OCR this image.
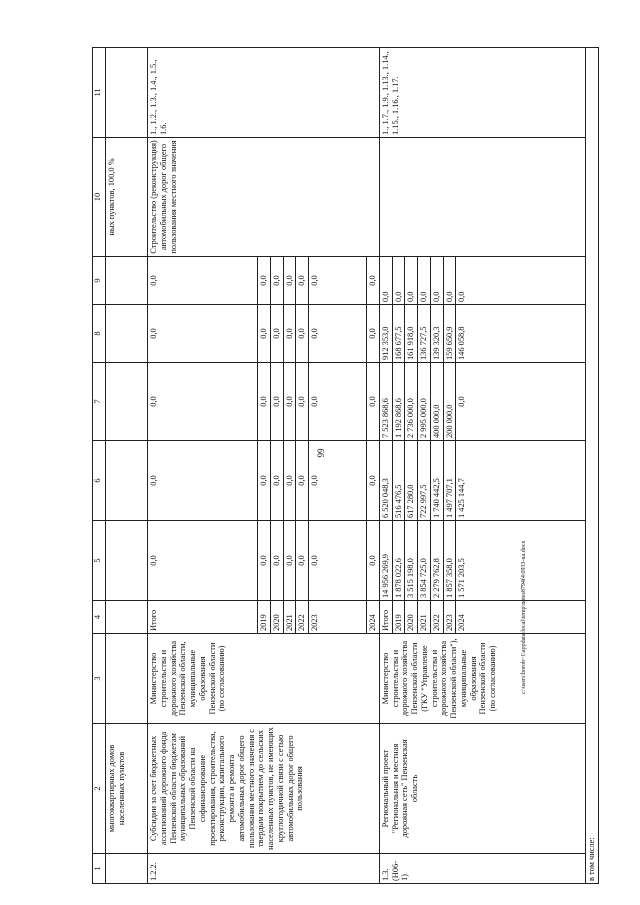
99
c:\users\borob~1\appdata\local\temp\notes8794f4\0933-ua.docx
1	2	3	4	5	6	7	8	9	10	11
	многоквартирных домов населенных пунктов								ных пунктов, 100,0 %	
1.2.2.	Субсидии за счет бюджетных ассигнований дорожного фонда Пензенской области бюджетам муниципальных образований Пензенской области на софинансирование проектирования, строительства, реконструкции, капитального ремонта и ремонта автомобильных дорог общего пользования местного значения с твердым покрытием до сельских населенных пунктов, не имеющих круглогодичной связи с сетью автомобильных дорог общего пользования	Министерство строительства и дорожного хозяйства Пензенской области, муниципальные образования Пензенской области (по согласованию)	Итого	0,0	0,0	0,0	0,0	0,0	Строительство (реконструкция) автомобильных дорог общего пользования местного значения	1., 1.2., 1.3., 1.4., 1.5., 1.6.
			2019	0,0	0,0	0,0	0,0	0,0		
			2020	0,0	0,0	0,0	0,0	0,0		
			2021	0,0	0,0	0,0	0,0	0,0		
			2022	0,0	0,0	0,0	0,0	0,0		
			2023	0,0	0,0	0,0	0,0	0,0		
			2024	0,0	0,0	0,0	0,0	0,0		
1.3. (Н06-1)	Региональный проект "Региональная и местная дорожная сеть" Пензенская область	Министерство строительства и дорожного хозяйства Пензенской области (ГКУ "Управление строительства и дорожного хозяйства Пензенской области"), муниципальные образования Пензенской области (по согласованию)	Итого	14 956 269,9	6 520 048,3	7 523 868,6	912 353,0	0,0		1., 1.7., 1.9., 1.13., 1.14., 1.15., 1.16., 1.17.
			2019	1 878 022,6	516 476,5	1 192 868,6	168 677,5	0,0		
			2020	3 515 198,0	617 280,0	2 736 000,0	161 918,0	0,0		
			2021	3 854 725,0	722 997,5	2 995 000,0	136 727,5	0,0		
			2022	2 279 762,8	1 740 442,5	400 000,0	139 320,3	0,0		
			2023	1 857 358,0	1 497 707,1	200 000,0	159 650,9	0,0		
			2024	1 571 203,5	1 425 144,7	0,0	146 058,8	0,0		
в том числе:										
